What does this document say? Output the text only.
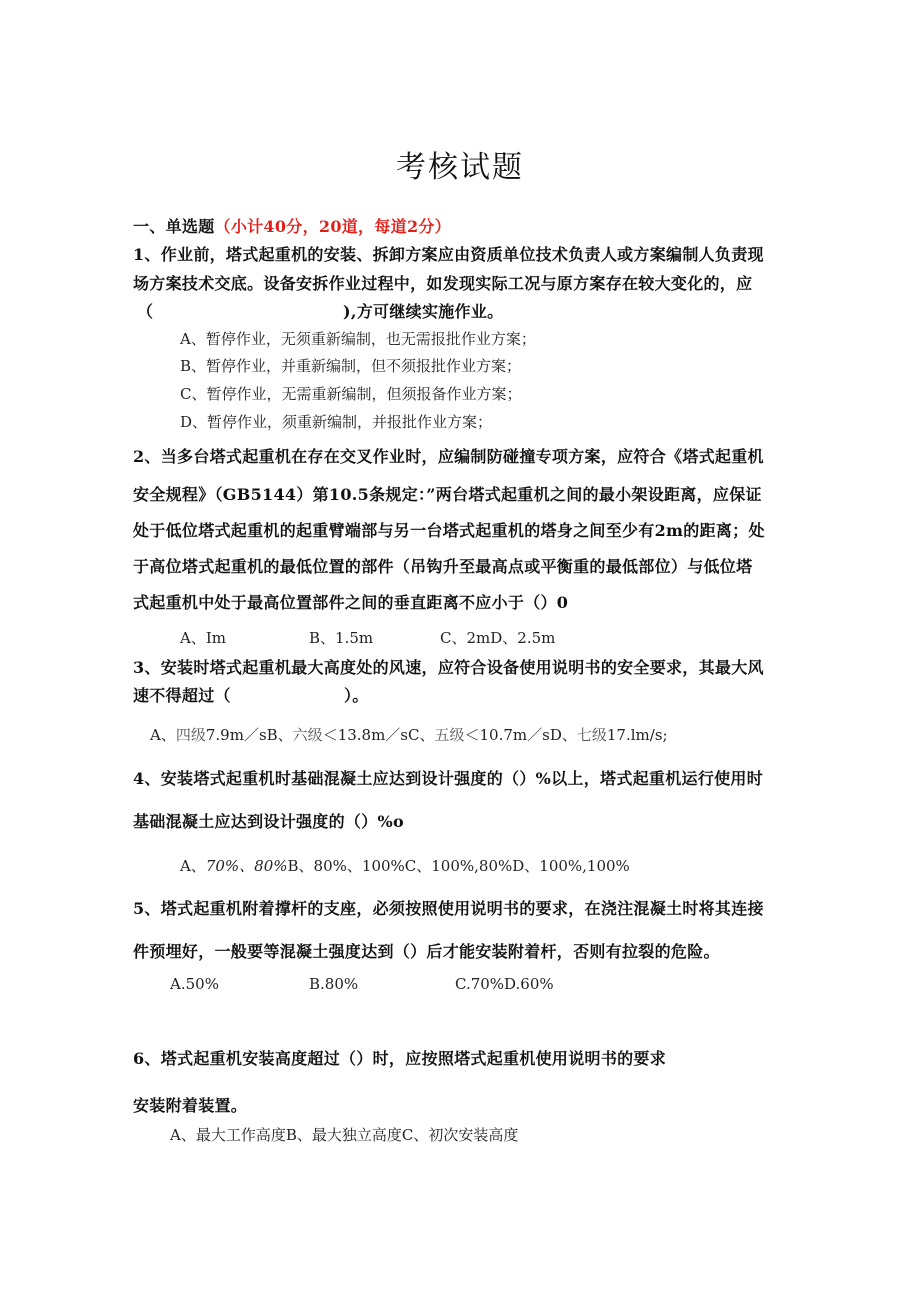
考核试题
一、单选题（小计40分，20道，每道2分）
1、作业前，塔式起重机的安装、拆卸方案应由资质单位技术负责人或方案编制人负责现
场方案技术交底。设备安拆作业过程中，如发现实际工况与原方案存在较大变化的，应
（	),方可继续实施作业。
A、暂停作业，无须重新编制，也无需报批作业方案；
B、暂停作业，并重新编制，但不须报批作业方案；
C、暂停作业，无需重新编制，但须报备作业方案；
D、暂停作业，须重新编制，并报批作业方案；
2、当多台塔式起重机在存在交叉作业时，应编制防碰撞专项方案，应符合《塔式起重机
安全规程》（GB5144）第10.5条规定：”两台塔式起重机之间的最小架设距离，应保证
处于低位塔式起重机的起重臂端部与另一台塔式起重机的塔身之间至少有2m的距离；处
于高位塔式起重机的最低位置的部件（吊钩升至最高点或平衡重的最低部位）与低位塔
式起重机中处于最高位置部件之间的垂直距离不应小于（）0
A、Im	B、1.5m	C、2mD、2.5m
3、安装时塔式起重机最大高度处的风速，应符合设备使用说明书的安全要求，其最大风
速不得超过（	）。
A、四级7.9m／sB、六级＜13.8m／sC、五级＜10.7m／sD、七级17.lm/s;
4、安装塔式起重机时基础混凝土应达到设计强度的（）%以上，塔式起重机运行使用时
基础混凝土应达到设计强度的（）%o
A、70%、80%B、80%、100%C、100%,80%D、100%,100%
5、塔式起重机附着撑杆的支座，必须按照使用说明书的要求，在浇注混凝土时将其连接
件预埋好，一般要等混凝土强度达到（）后才能安装附着杆，否则有拉裂的危险。
A.50%	B.80%	C.70%D.60%
6、塔式起重机安装高度超过（）时，应按照塔式起重机使用说明书的要求
安装附着装置。
A、最大工作高度B、最大独立高度C、初次安装高度
